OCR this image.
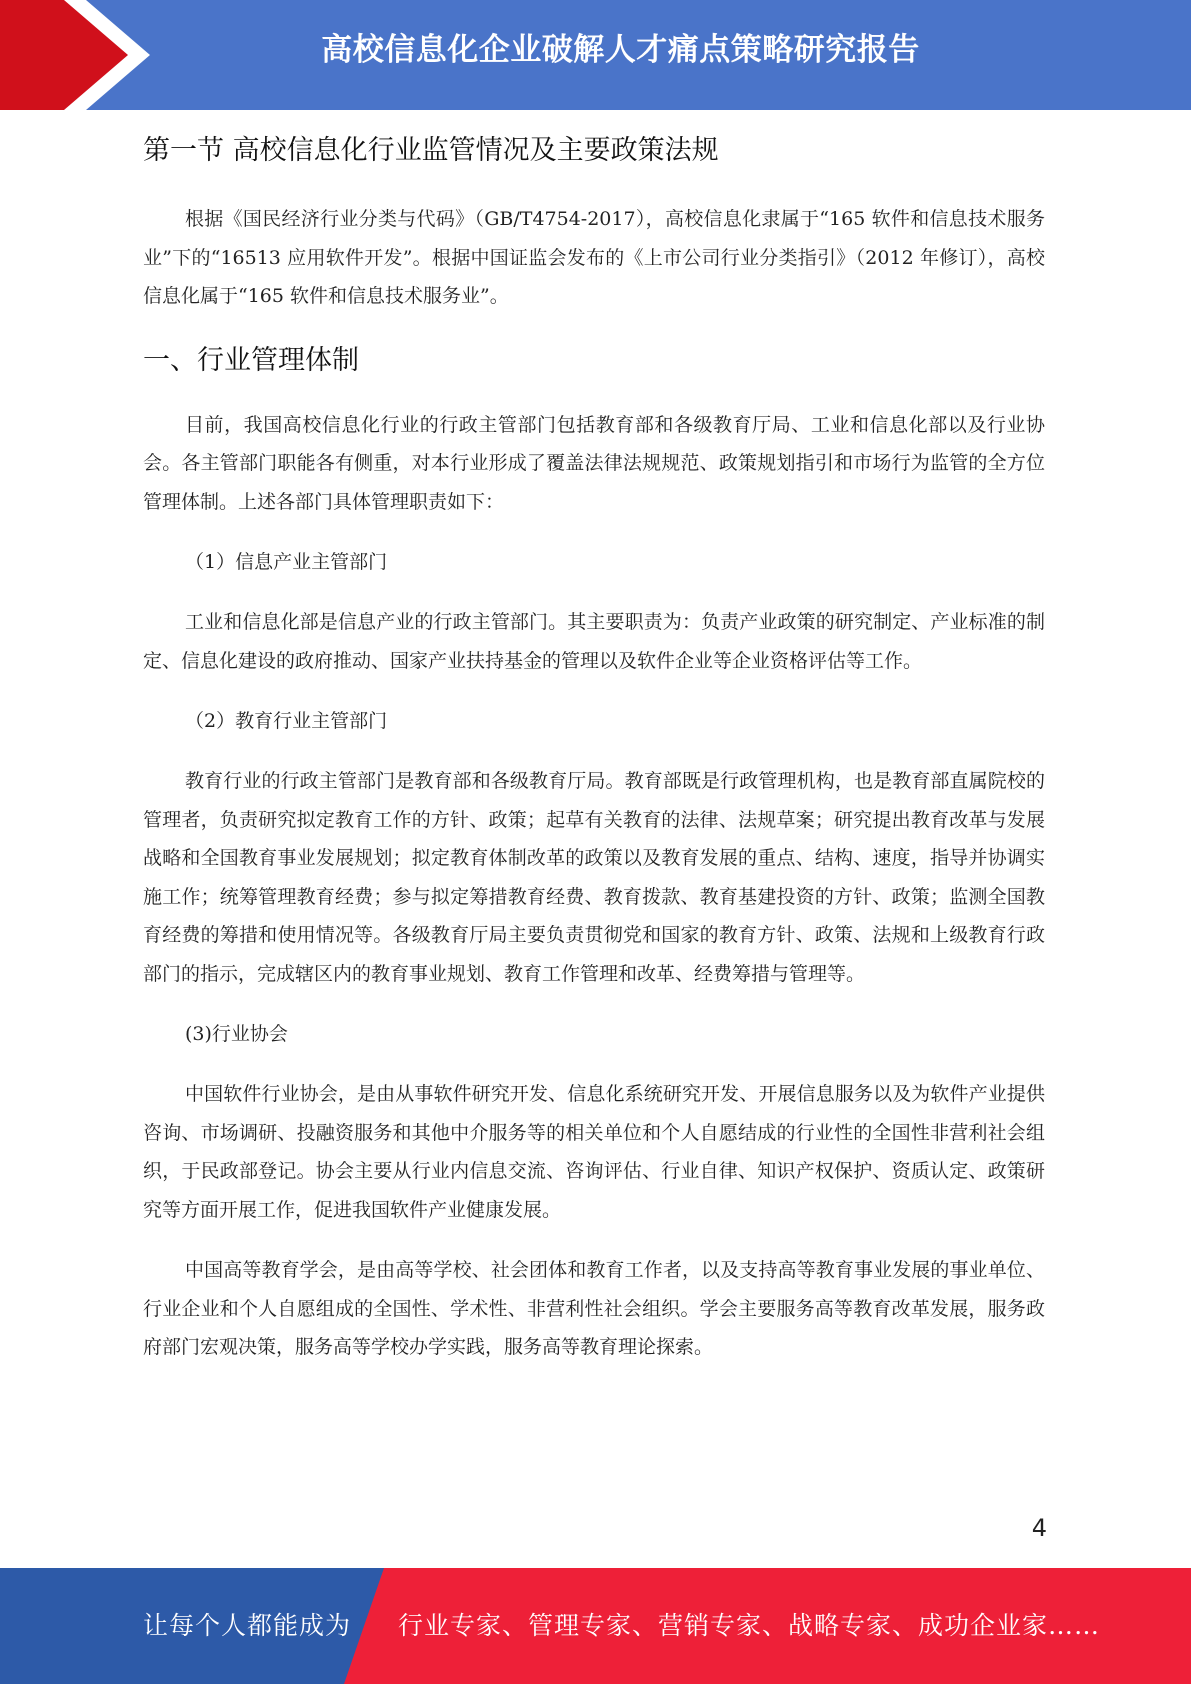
高校信息化企业破解人才痛点策略研究报告
第一节 高校信息化行业监管情况及主要政策法规

根据《国民经济行业分类与代码》（GB/T4754-2017），高校信息化隶属于“165 软件和信息技术服务业”下的“16513 应用软件开发”。根据中国证监会发布的《上市公司行业分类指引》（2012 年修订），高校信息化属于“165 软件和信息技术服务业”。

一、行业管理体制

目前，我国高校信息化行业的行政主管部门包括教育部和各级教育厅局、工业和信息化部以及行业协会。各主管部门职能各有侧重，对本行业形成了覆盖法律法规规范、政策规划指引和市场行为监管的全方位管理体制。上述各部门具体管理职责如下：

（1）信息产业主管部门

工业和信息化部是信息产业的行政主管部门。其主要职责为：负责产业政策的研究制定、产业标准的制定、信息化建设的政府推动、国家产业扶持基金的管理以及软件企业等企业资格评估等工作。

（2）教育行业主管部门

教育行业的行政主管部门是教育部和各级教育厅局。教育部既是行政管理机构，也是教育部直属院校的管理者，负责研究拟定教育工作的方针、政策；起草有关教育的法律、法规草案；研究提出教育改革与发展战略和全国教育事业发展规划；拟定教育体制改革的政策以及教育发展的重点、结构、速度，指导并协调实施工作；统筹管理教育经费；参与拟定筹措教育经费、教育拨款、教育基建投资的方针、政策；监测全国教育经费的筹措和使用情况等。各级教育厅局主要负责贯彻党和国家的教育方针、政策、法规和上级教育行政部门的指示，完成辖区内的教育事业规划、教育工作管理和改革、经费筹措与管理等。

(3)行业协会

中国软件行业协会，是由从事软件研究开发、信息化系统研究开发、开展信息服务以及为软件产业提供咨询、市场调研、投融资服务和其他中介服务等的相关单位和个人自愿结成的行业性的全国性非营利社会组织，于民政部登记。协会主要从行业内信息交流、咨询评估、行业自律、知识产权保护、资质认定、政策研究等方面开展工作，促进我国软件产业健康发展。

中国高等教育学会，是由高等学校、社会团体和教育工作者，以及支持高等教育事业发展的事业单位、行业企业和个人自愿组成的全国性、学术性、非营利性社会组织。学会主要服务高等教育改革发展，服务政府部门宏观决策，服务高等学校办学实践，服务高等教育理论探索。

4
让每个人都能成为 行业专家、管理专家、营销专家、战略专家、成功企业家……
